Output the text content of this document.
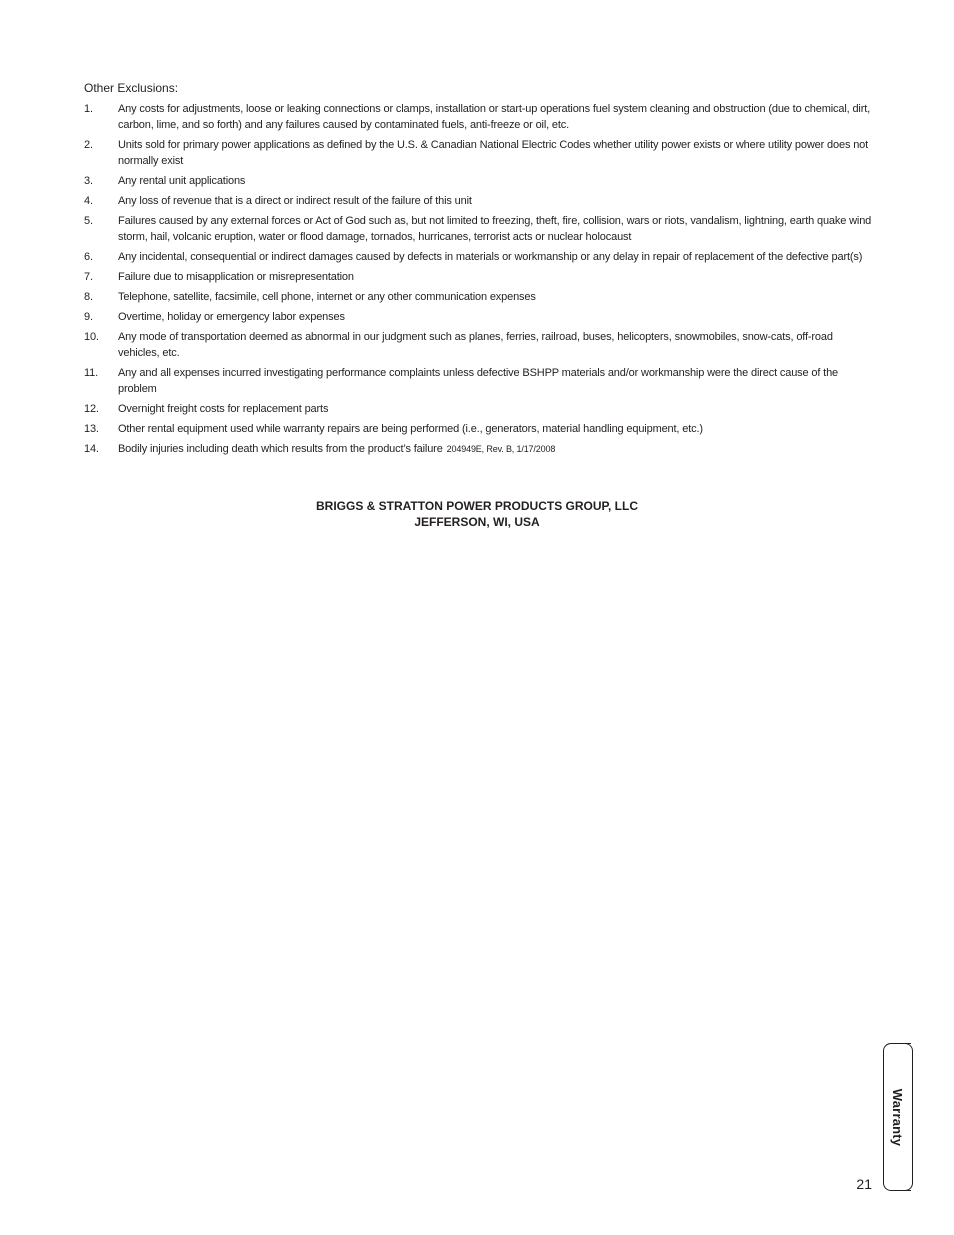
Other Exclusions:
1.	Any costs for adjustments, loose or leaking connections or clamps, installation or start-up operations fuel system cleaning and obstruction (due to chemical, dirt, carbon, lime, and so forth) and any failures caused by contaminated fuels, anti-freeze or oil, etc.
2.	Units sold for primary power applications as defined by the U.S. & Canadian National Electric Codes whether utility power exists or where utility power does not normally exist
3.	Any rental unit applications
4.	Any loss of revenue that is a direct or indirect result of the failure of this unit
5.	Failures caused by any external forces or Act of God such as, but not limited to freezing, theft, fire, collision, wars or riots, vandalism, lightning, earth quake wind storm, hail, volcanic eruption, water or flood damage, tornados, hurricanes, terrorist acts or nuclear holocaust
6.	Any incidental, consequential or indirect damages caused by defects in materials or workmanship or any delay in repair of replacement of the defective part(s)
7.	Failure due to misapplication or misrepresentation
8.	Telephone, satellite, facsimile, cell phone, internet or any other communication expenses
9.	Overtime, holiday or emergency labor expenses
10.	Any mode of transportation deemed as abnormal in our judgment such as planes, ferries, railroad, buses, helicopters, snowmobiles, snow-cats, off-road vehicles, etc.
11.	Any and all expenses incurred investigating performance complaints unless defective BSHPP materials and/or workmanship were the direct cause of the problem
12.	Overnight freight costs for replacement parts
13.	Other rental equipment used while warranty repairs are being performed (i.e., generators, material handling equipment, etc.)
14.	Bodily injuries including death which results from the product’s failure 204949E, Rev. B, 1/17/2008
BRIGGS & STRATTON POWER PRODUCTS GROUP, LLC
JEFFERSON, WI, USA
Warranty
21
